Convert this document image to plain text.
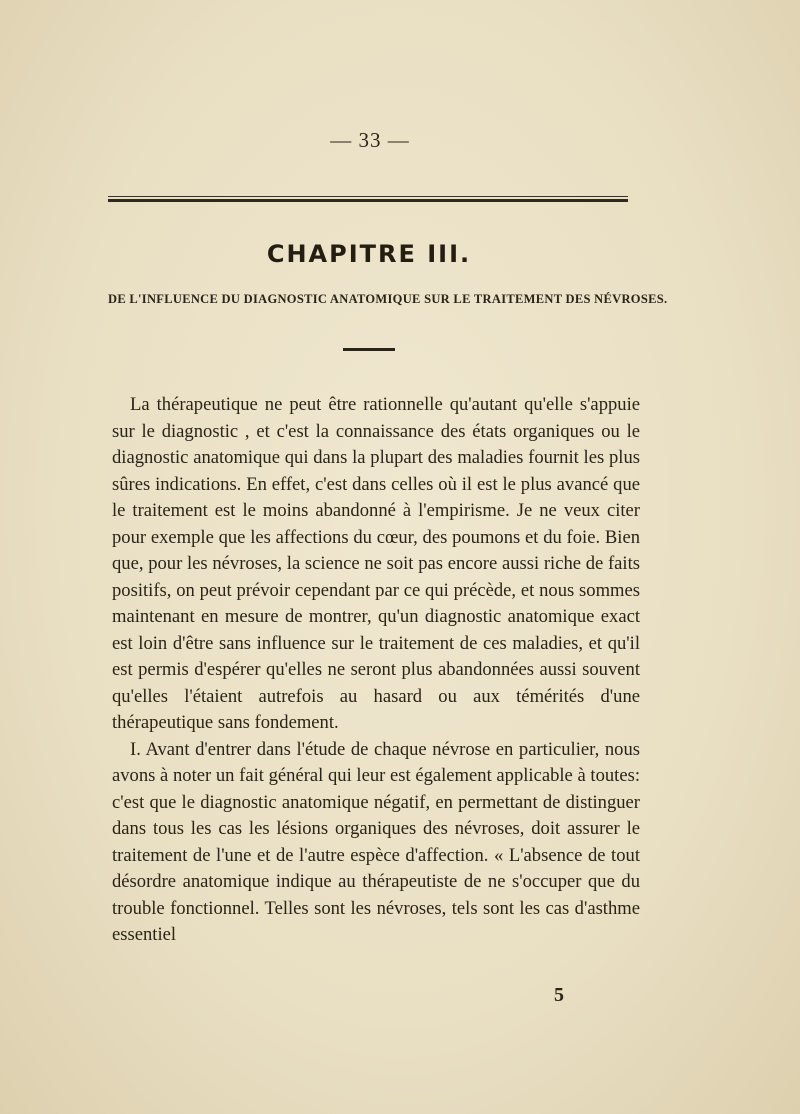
— 33 —
CHAPITRE III.
DE L'INFLUENCE DU DIAGNOSTIC ANATOMIQUE SUR LE TRAITEMENT DES NÉVROSES.

La thérapeutique ne peut être rationnelle qu'autant qu'elle s'appuie sur le diagnostic , et c'est la connaissance des états organiques ou le diagnostic anatomique qui dans la plupart des maladies fournit les plus sûres indications. En effet, c'est dans celles où il est le plus avancé que le traitement est le moins abandonné à l'empirisme. Je ne veux citer pour exemple que les affections du cœur, des poumons et du foie. Bien que, pour les névroses, la science ne soit pas encore aussi riche de faits positifs, on peut prévoir cependant par ce qui précède, et nous sommes maintenant en mesure de montrer, qu'un diagnostic anatomique exact est loin d'être sans influence sur le traitement de ces maladies, et qu'il est permis d'espérer qu'elles ne seront plus abandonnées aussi souvent qu'elles l'étaient autrefois au hasard ou aux témérités d'une thérapeutique sans fondement.

I. Avant d'entrer dans l'étude de chaque névrose en particulier, nous avons à noter un fait général qui leur est également applicable à toutes: c'est que le diagnostic anatomique négatif, en permettant de distinguer dans tous les cas les lésions organiques des névroses, doit assurer le traitement de l'une et de l'autre espèce d'affection. « L'absence de tout désordre anatomique indique au thérapeutiste de ne s'occuper que du trouble fonctionnel. Telles sont les névroses, tels sont les cas d'asthme essentiel

5
